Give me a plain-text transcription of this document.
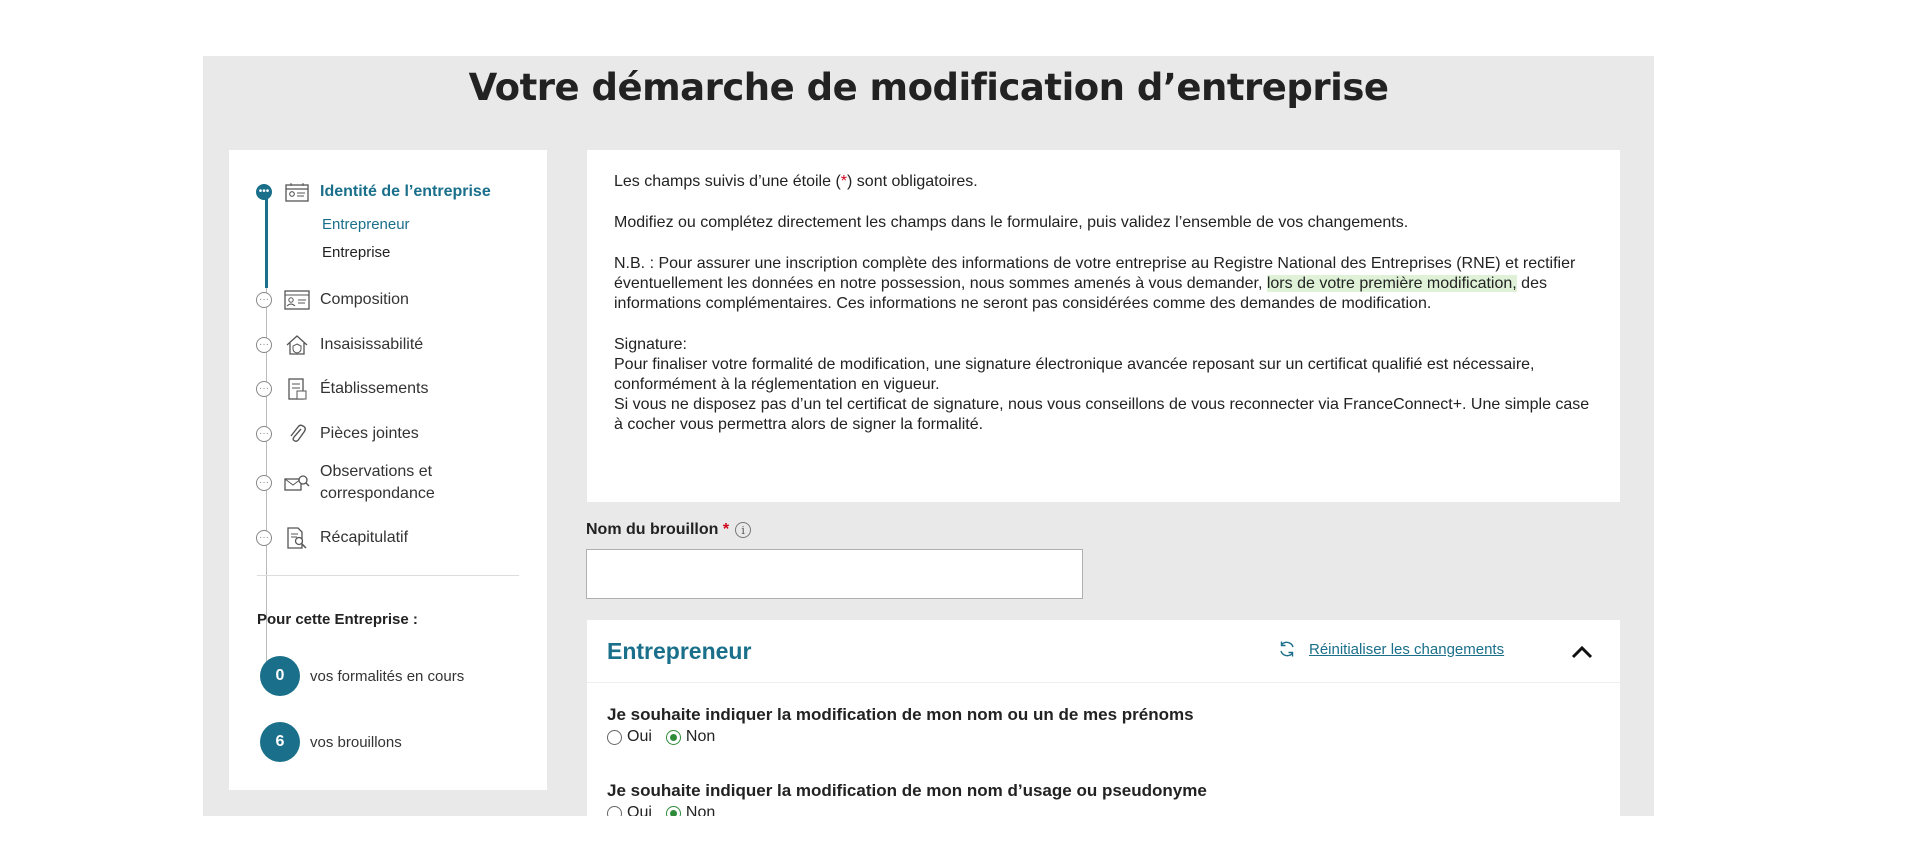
Votre démarche de modification d’entreprise
•••	Identité de l’entreprise
Entrepreneur
Entreprise
···	Composition
···	Insaisissabilité
···	Établissements
···	Pièces jointes
···
Observations et
correspondance
···	Récapitulatif
Pour cette Entreprise :
0	vos formalités en cours
6	vos brouillons

Les champs suivis d’une étoile (*) sont obligatoires.

Modifiez ou complétez directement les champs dans le formulaire, puis validez l’ensemble de vos changements.

N.B. : Pour assurer une inscription complète des informations de votre entreprise au Registre National des Entreprises (RNE) et rectifier éventuellement les données en notre possession, nous sommes amenés à vous demander, lors de votre première modification, des informations complémentaires. Ces informations ne seront pas considérées comme des demandes de modification.

Signature:
Pour finaliser votre formalité de modification, une signature électronique avancée reposant sur un certificat qualifié est nécessaire, conformément à la réglementation en vigueur.
Si vous ne disposez pas d’un tel certificat de signature, nous vous conseillons de vous reconnecter via FranceConnect+. Une simple case à cocher vous permettra alors de signer la formalité.

Nom du brouillon
*	i
Entrepreneur	Réinitialiser les changements
Je souhaite indiquer la modification de mon nom ou un de mes prénoms
Oui Non
Je souhaite indiquer la modification de mon nom d’usage ou pseudonyme
Oui Non
